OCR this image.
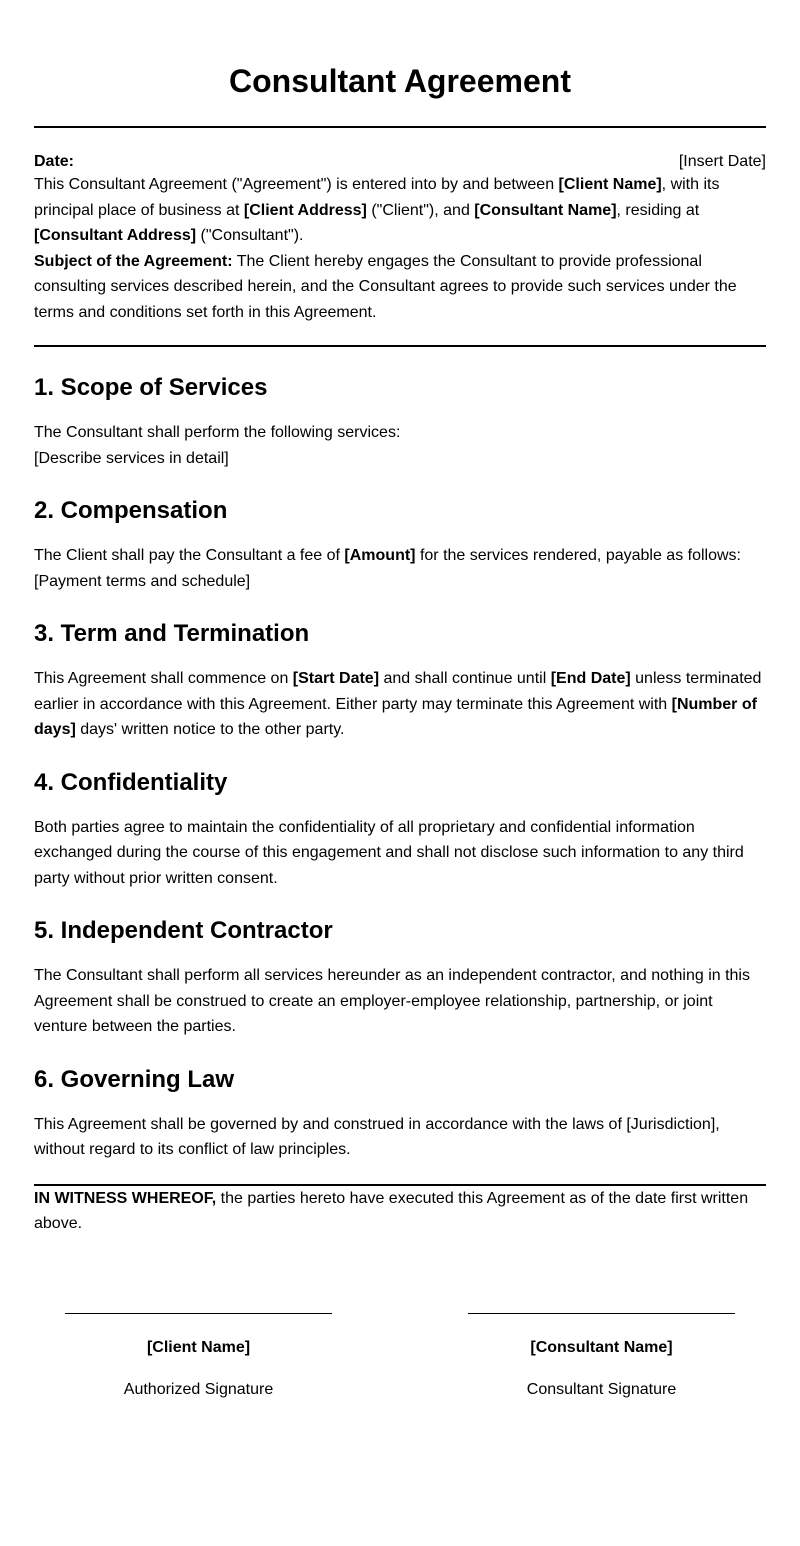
Consultant Agreement
Date:	[Insert Date]

This Consultant Agreement ("Agreement") is entered into by and between [Client Name], with its principal place of business at [Client Address] ("Client"), and [Consultant Name], residing at
[Consultant Address] ("Consultant").

Subject of the Agreement: The Client hereby engages the Consultant to provide professional consulting services described herein, and the Consultant agrees to provide such services under the terms and conditions set forth in this Agreement.

1. Scope of Services

The Consultant shall perform the following services:
[Describe services in detail]

2. Compensation

The Client shall pay the Consultant a fee of [Amount] for the services rendered, payable as follows:
[Payment terms and schedule]

3. Term and Termination

This Agreement shall commence on [Start Date] and shall continue until [End Date] unless terminated earlier in accordance with this Agreement. Either party may terminate this Agreement with [Number of days] days' written notice to the other party.

4. Confidentiality

Both parties agree to maintain the confidentiality of all proprietary and confidential information exchanged during the course of this engagement and shall not disclose such information to any third party without prior written consent.

5. Independent Contractor

The Consultant shall perform all services hereunder as an independent contractor, and nothing in this Agreement shall be construed to create an employer-employee relationship, partnership, or joint venture between the parties.

6. Governing Law

This Agreement shall be governed by and construed in accordance with the laws of [Jurisdiction], without regard to its conflict of law principles.

IN WITNESS WHEREOF, the parties hereto have executed this Agreement as of the date first written above.

[Client Name]
Authorized Signature
[Consultant Name]
Consultant Signature
